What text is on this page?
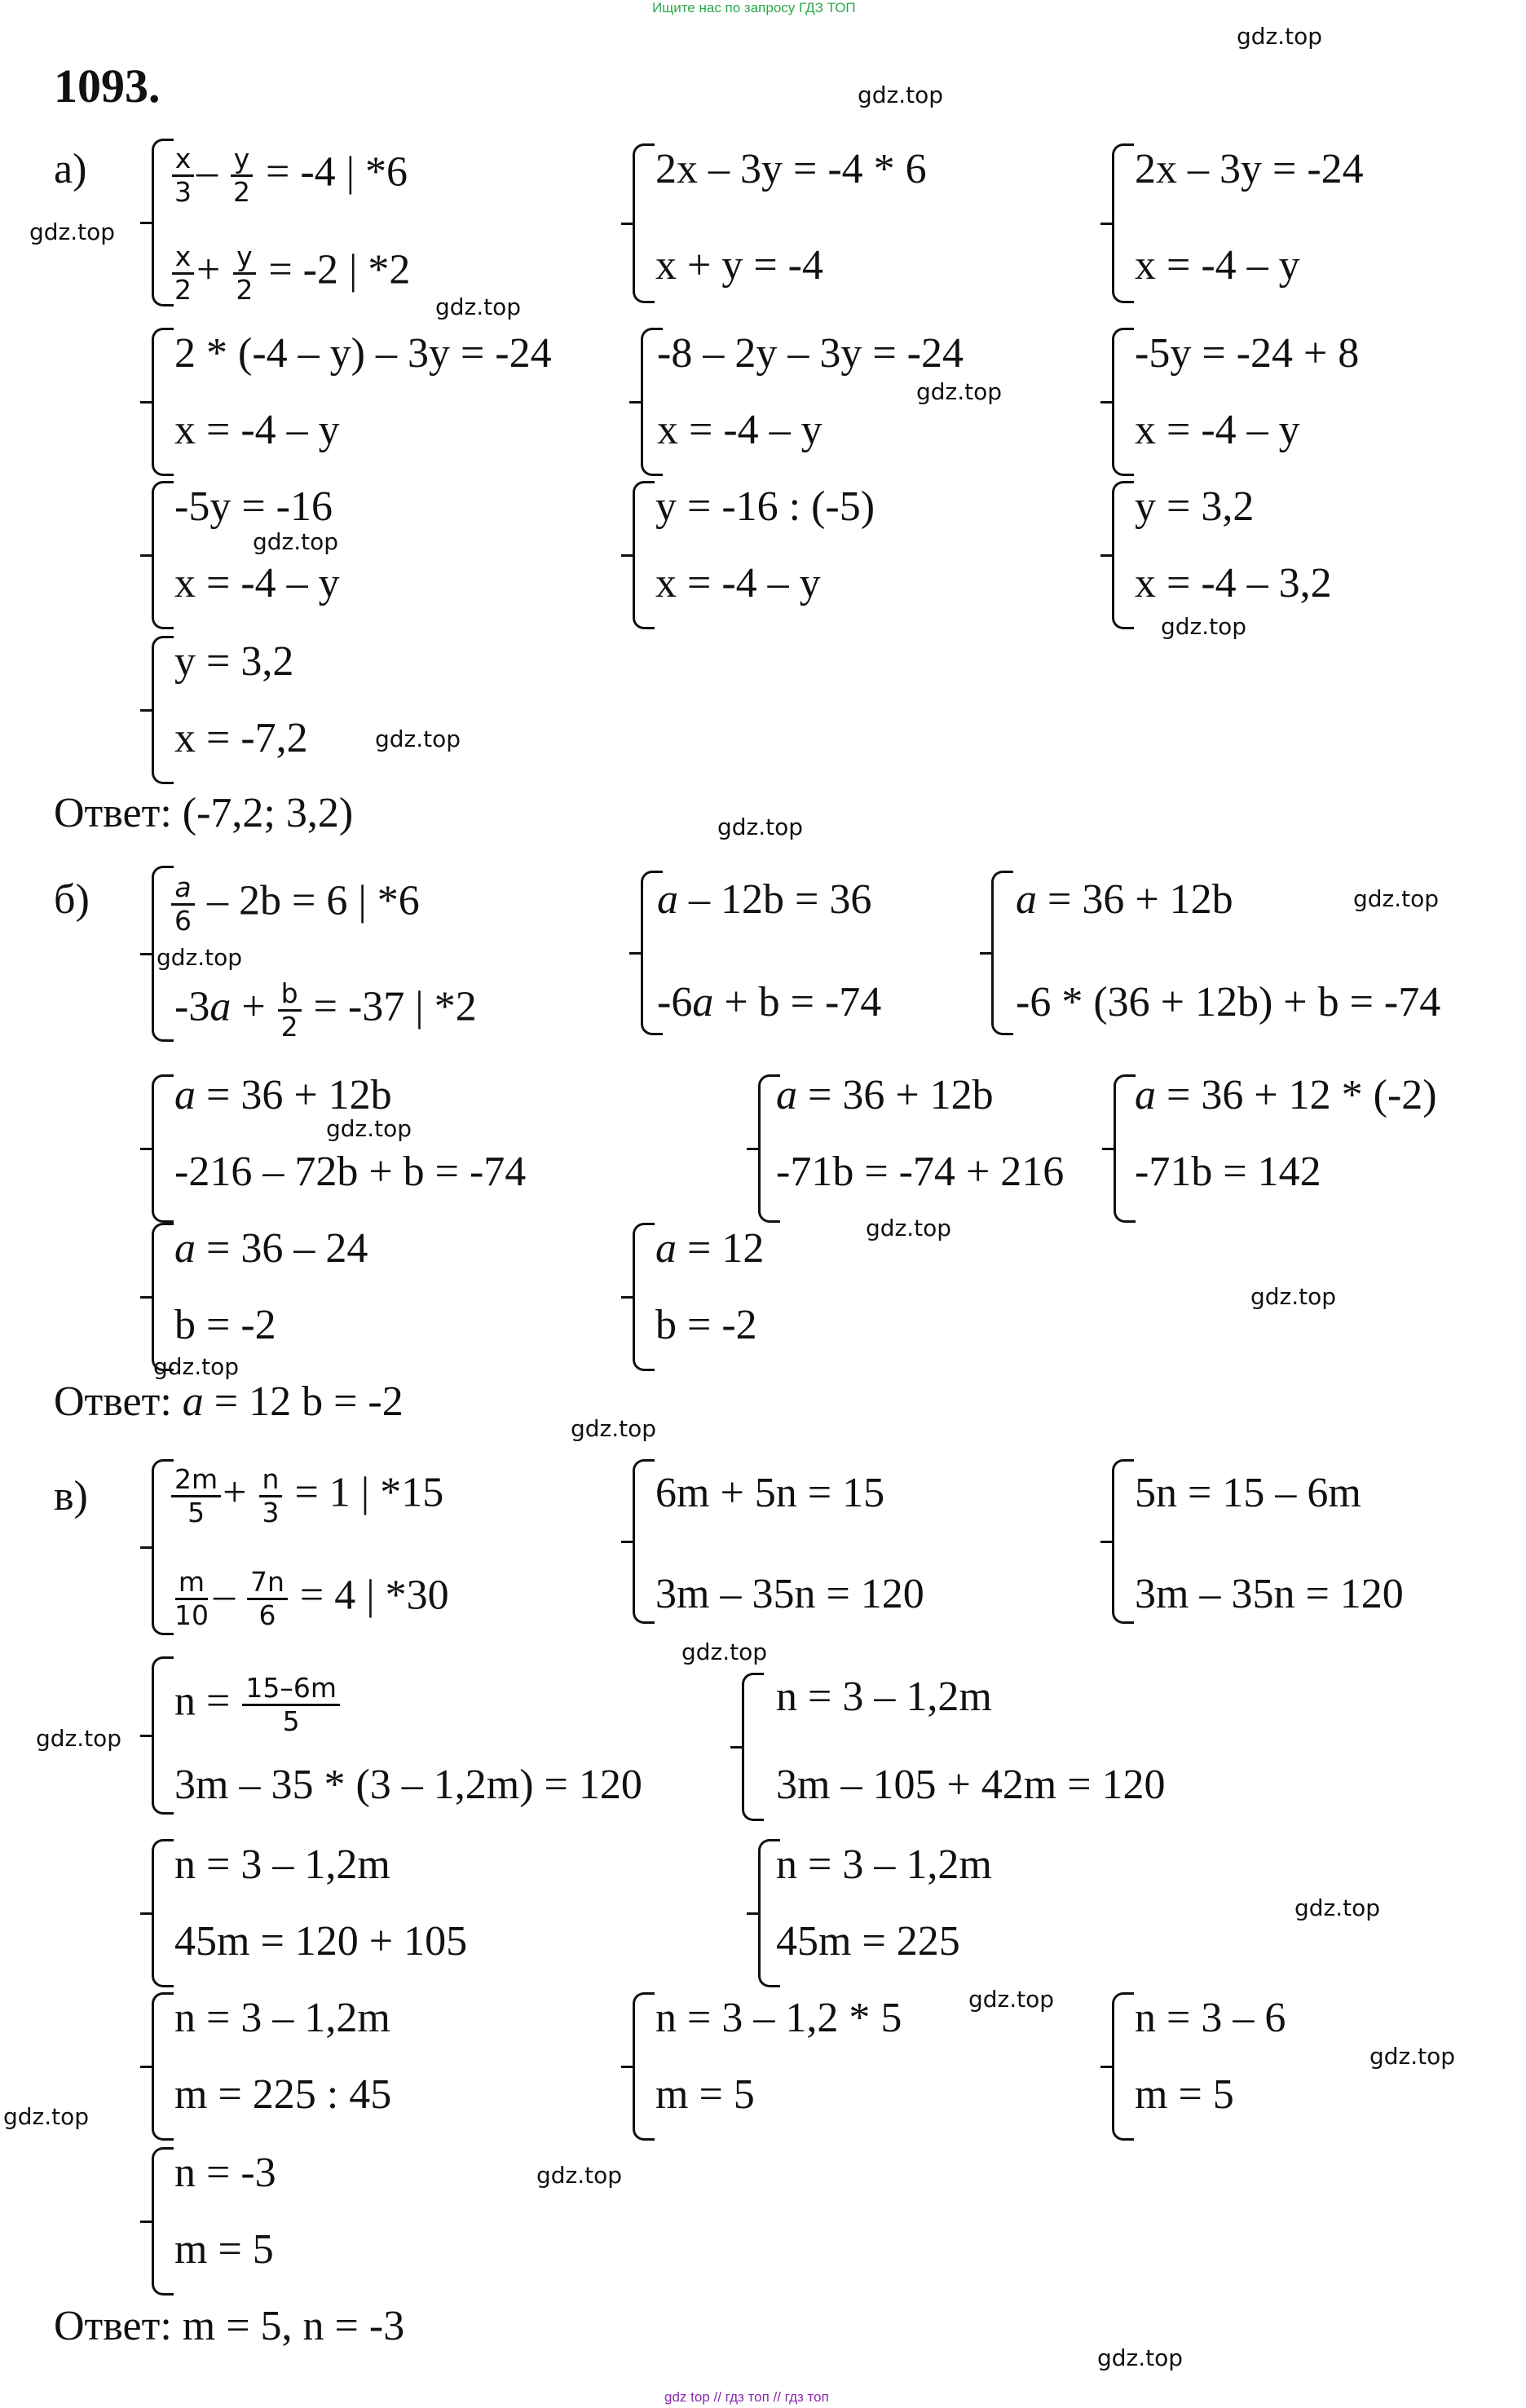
Ищите нас по запросу ГДЗ ТОП
gdz top // гдз топ // гдз топ
gdz.top
gdz.top
gdz.top
gdz.top
gdz.top
gdz.top
gdz.top
gdz.top
gdz.top
gdz.top
gdz.top
gdz.top
gdz.top
gdz.top
gdz.top
gdz.top
gdz.top
gdz.top
gdz.top
gdz.top
gdz.top
gdz.top
gdz.top
gdz.top
1093.
а)	$\frac{x}{3} - \frac{y}{2} = -4$ | *6
$\frac{x}{2} + \frac{y}{2} = -2$ | *2
2x – 3y = -4 * 6
x + y = -4
2x – 3y = -24
x = -4 – y
2 * (-4 – y) – 3y = -24
x = -4 – y
-8 – 2y – 3y = -24
x = -4 – y
-5y = -24 + 8
x = -4 – y
-5y = -16
x = -4 – y
y = -16 : (-5)
x = -4 – y
y = 3,2
x = -4 – 3,2
y = 3,2
x = -7,2
Ответ: (-7,2; 3,2)
б)	$\frac{a}{6} - 2b = 6$ | *6
$-3a + \frac{b}{2} = -37$ | *2
a – 12b = 36
-6a + b = -74
a = 36 + 12b
-6 * (36 + 12b) + b = -74
a = 36 + 12b
-216 – 72b + b = -74
a = 36 + 12b
-71b = -74 + 216
a = 36 + 12 * (-2)
-71b = 142
a = 36 – 24
b = -2
a = 12
b = -2
Ответ: a = 12 b = -2
в)	$\frac{2m}{5} + \frac{n}{3} = 1$ | *15
$\frac{m}{10} - \frac{7n}{6} = 4$ | *30
6m + 5n = 15
3m – 35n = 120
5n = 15 – 6m
3m – 35n = 120
$n = \frac{15-6m}{5}$
3m – 35 * (3 – 1,2m) = 120
n = 3 – 1,2m
3m – 105 + 42m = 120
n = 3 – 1,2m
45m = 120 + 105
n = 3 – 1,2m
45m = 225
n = 3 – 1,2m
m = 225 : 45
n = 3 – 1,2 * 5
m = 5
n = 3 – 6
m = 5
n = -3
m = 5
Ответ: m = 5, n = -3
